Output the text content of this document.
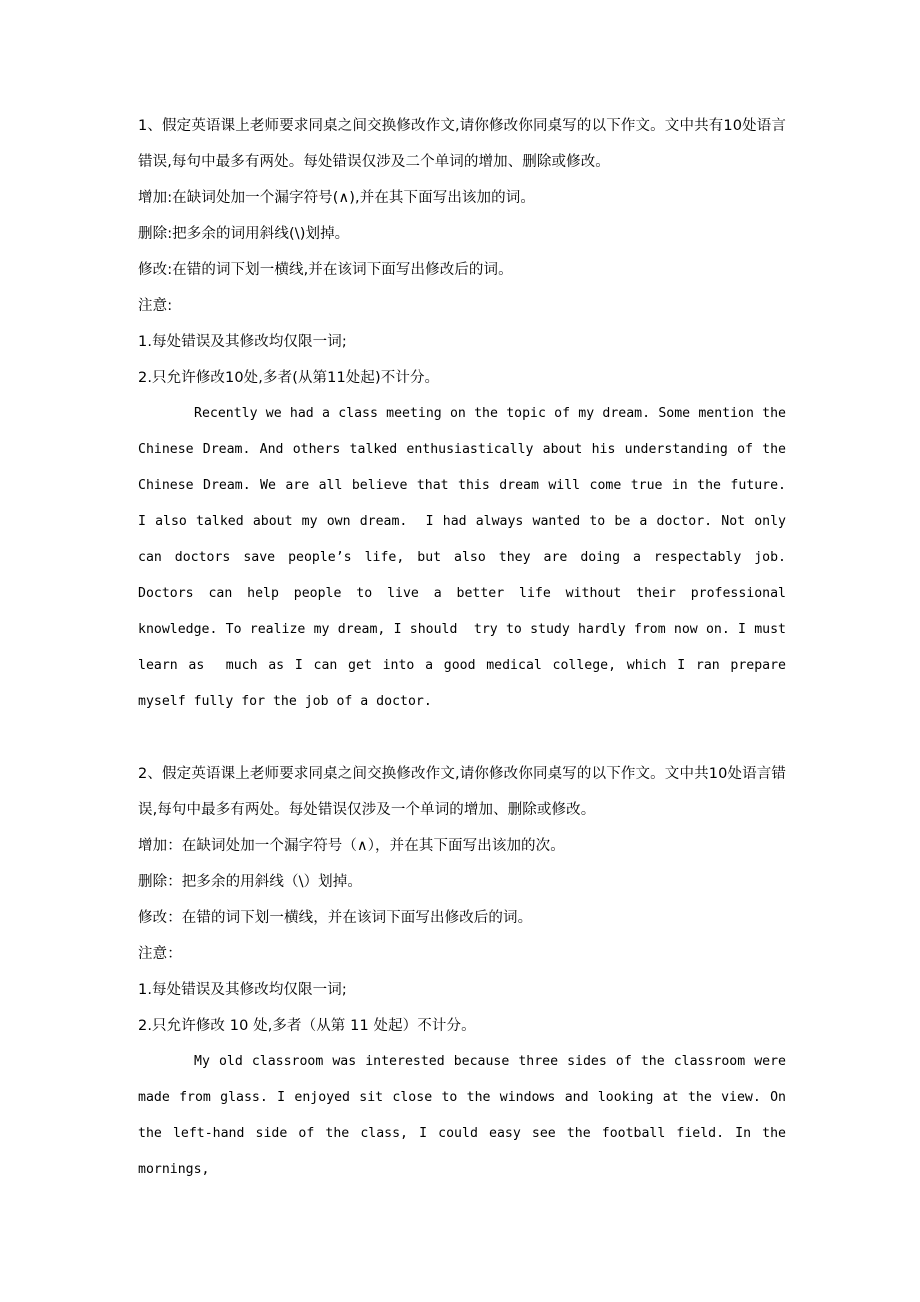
1、假定英语课上老师要求同桌之间交换修改作文,请你修改你同桌写的以下作文。文中共有10处语言错误,每句中最多有两处。每处错误仅涉及二个单词的增加、删除或修改。
增加:在缺词处加一个漏字符号(∧),并在其下面写出该加的词。
删除:把多余的词用斜线(\)划掉。
修改:在错的词下划一横线,并在该词下面写出修改后的词。
注意:
1.每处错误及其修改均仅限一词;
2.只允许修改10处,多者(从第11处起)不计分。
Recently we had a class meeting on the topic of my dream. Some mention the Chinese Dream. And others talked enthusiastically about his understanding of the Chinese Dream. We are all believe that this dream will come true in the future.  I also talked about my own dream.  I had always wanted to be a doctor. Not only can doctors save people’s life, but also they are doing a respectably job. Doctors can help people to live a better life without their professional knowledge. To realize my dream, I should  try to study hardly from now on. I must learn as  much as I can get into a good medical college, which I ran prepare myself fully for the job of a doctor.
2、假定英语课上老师要求同桌之间交换修改作文,请你修改你同桌写的以下作文。文中共10处语言错误,每句中最多有两处。每处错误仅涉及一个单词的增加、删除或修改。
增加：在缺词处加一个漏字符号（∧），并在其下面写出该加的次。
删除：把多余的用斜线（\）划掉。
修改：在错的词下划一横线，并在该词下面写出修改后的词。
注意：
1.每处错误及其修改均仅限一词;
2.只允许修改 10 处,多者（从第 11 处起）不计分。
My old classroom was interested because three sides of the classroom were made from glass. I enjoyed sit close to the windows and looking at the view. On the left-hand side of the class, I could easy see the football field. In the mornings,
